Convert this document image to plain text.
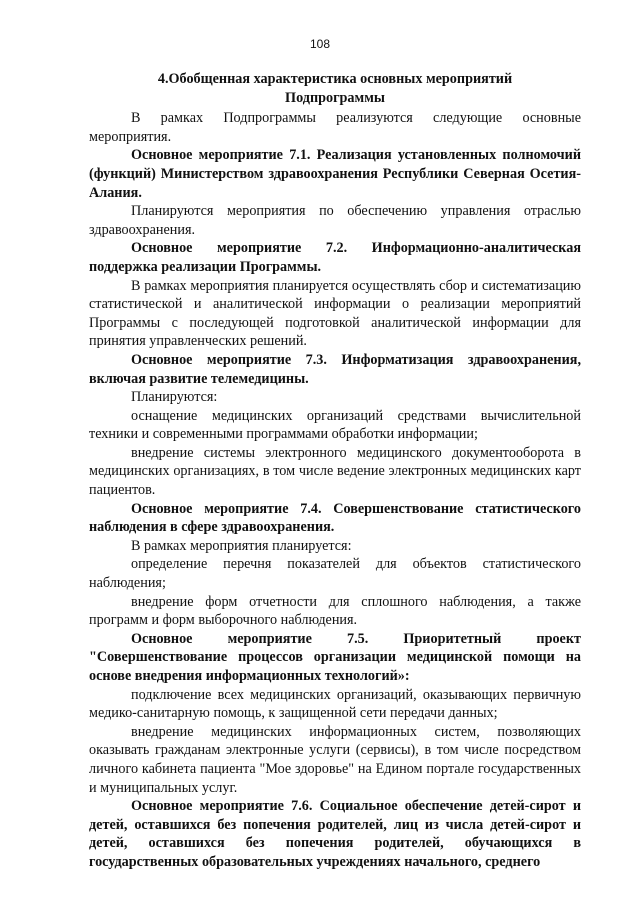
108
4.Обобщенная характеристика основных мероприятий
Подпрограммы

В рамках Подпрограммы реализуются следующие основные мероприятия.

Основное мероприятие 7.1. Реализация установленных полномочий (функций) Министерством здравоохранения Республики Северная Осетия-Алания.

Планируются мероприятия по обеспечению управления отраслью здравоохранения.

Основное мероприятие 7.2. Информационно-аналитическая поддержка реализации Программы.

В рамках мероприятия планируется осуществлять сбор и систематизацию статистической и аналитической информации о реализации мероприятий Программы с последующей подготовкой аналитической информации для принятия управленческих решений.

Основное мероприятие 7.3. Информатизация здравоохранения, включая развитие телемедицины.

Планируются:

оснащение медицинских организаций средствами вычислительной техники и современными программами обработки информации;

внедрение системы электронного медицинского документооборота в медицинских организациях, в том числе ведение электронных медицинских карт пациентов.

Основное мероприятие 7.4. Совершенствование статистического наблюдения в сфере здравоохранения.

В рамках мероприятия планируется:

определение перечня показателей для объектов статистического наблюдения;

внедрение форм отчетности для сплошного наблюдения, а также программ и форм выборочного наблюдения.

Основное мероприятие 7.5. Приоритетный проект "Совершенствование процессов организации медицинской помощи на основе внедрения информационных технологий»:

подключение всех медицинских организаций, оказывающих первичную медико-санитарную помощь, к защищенной сети передачи данных;

внедрение медицинских информационных систем, позволяющих оказывать гражданам электронные услуги (сервисы), в том числе посредством личного кабинета пациента "Мое здоровье" на Едином портале государственных и муниципальных услуг.

Основное мероприятие 7.6. Социальное обеспечение детей-сирот и детей, оставшихся без попечения родителей, лиц из числа детей-сирот и детей, оставшихся без попечения родителей, обучающихся в государственных образовательных учреждениях начального, среднего
